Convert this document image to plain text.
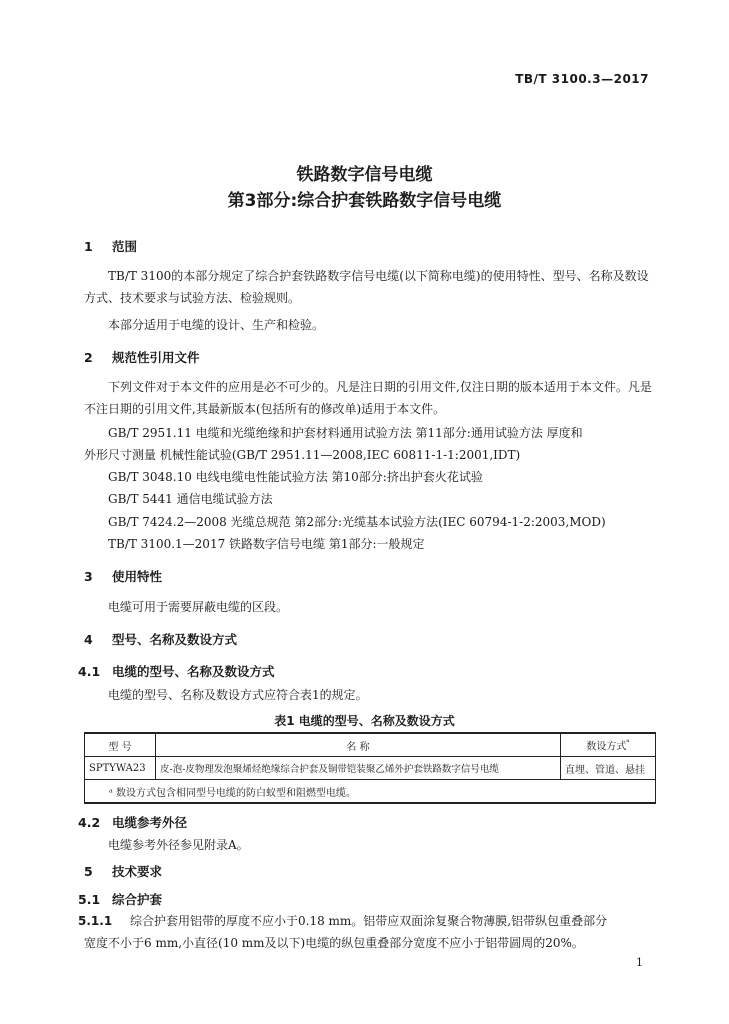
TB/T 3100.3—2017
铁路数字信号电缆
第3部分:综合护套铁路数字信号电缆
1 范围
TB/T 3100的本部分规定了综合护套铁路数字信号电缆(以下简称电缆)的使用特性、型号、名称及数设方式、技术要求与试验方法、检验规则。
本部分适用于电缆的设计、生产和检验。
2 规范性引用文件
下列文件对于本文件的应用是必不可少的。凡是注日期的引用文件,仅注日期的版本适用于本文件。凡是不注日期的引用文件,其最新版本(包括所有的修改单)适用于本文件。
GB/T 2951.11 电缆和光缆绝缘和护套材料通用试验方法 第11部分:通用试验方法 厚度和
外形尺寸测量 机械性能试验(GB/T 2951.11—2008,IEC 60811-1-1:2001,IDT)
GB/T 3048.10 电线电缆电性能试验方法 第10部分:挤出护套火花试验
GB/T 5441 通信电缆试验方法
GB/T 7424.2—2008 光缆总规范 第2部分:光缆基本试验方法(IEC 60794-1-2:2003,MOD)
TB/T 3100.1—2017 铁路数字信号电缆 第1部分:一般规定
3 使用特性
电缆可用于需要屏蔽电缆的区段。
4 型号、名称及数设方式
4.1 电缆的型号、名称及数设方式
电缆的型号、名称及数设方式应符合表1的规定。
表1 电缆的型号、名称及数设方式
型 号	名 称	数设方式$^ᵃ$
SPTYWA23	皮-泡-皮物理发泡聚烯烃绝缘综合护套及铜带铠装聚乙烯外护套铁路数字信号电缆	直埋、管道、悬挂
ᵃ 数设方式包含相同型号电缆的防白蚁型和阻燃型电缆。		
4.2 电缆参考外径
电缆参考外径参见附录A。
5 技术要求
5.1 综合护套
5.1.1 综合护套用铝带的厚度不应小于0.18 mm。铝带应双面涂复聚合物薄膜,铝带纵包重叠部分
宽度不小于6 mm,小直径(10 mm及以下)电缆的纵包重叠部分宽度不应小于铝带圆周的20%。
1
